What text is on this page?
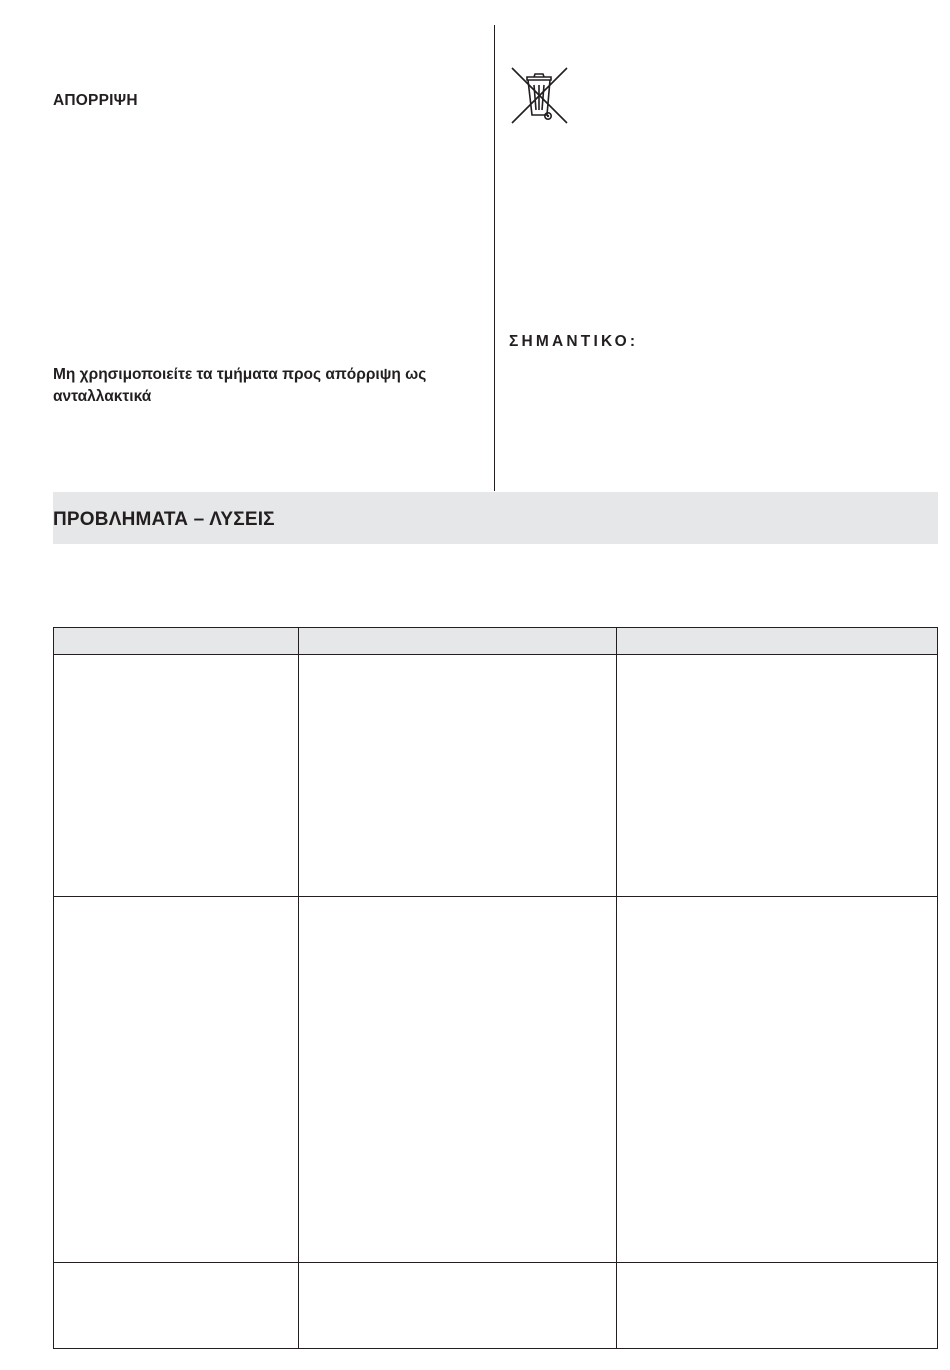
ΑΠΟΡΡΙΨΗ

Μη χρησιμοποιείτε τα τμήματα προς απόρριψη ως ανταλλακτικά

ΣΗΜΑΝΤΙΚΟ:
ΠΡΟΒΛΗΜΑΤΑ – ΛΥΣΕΙΣ
